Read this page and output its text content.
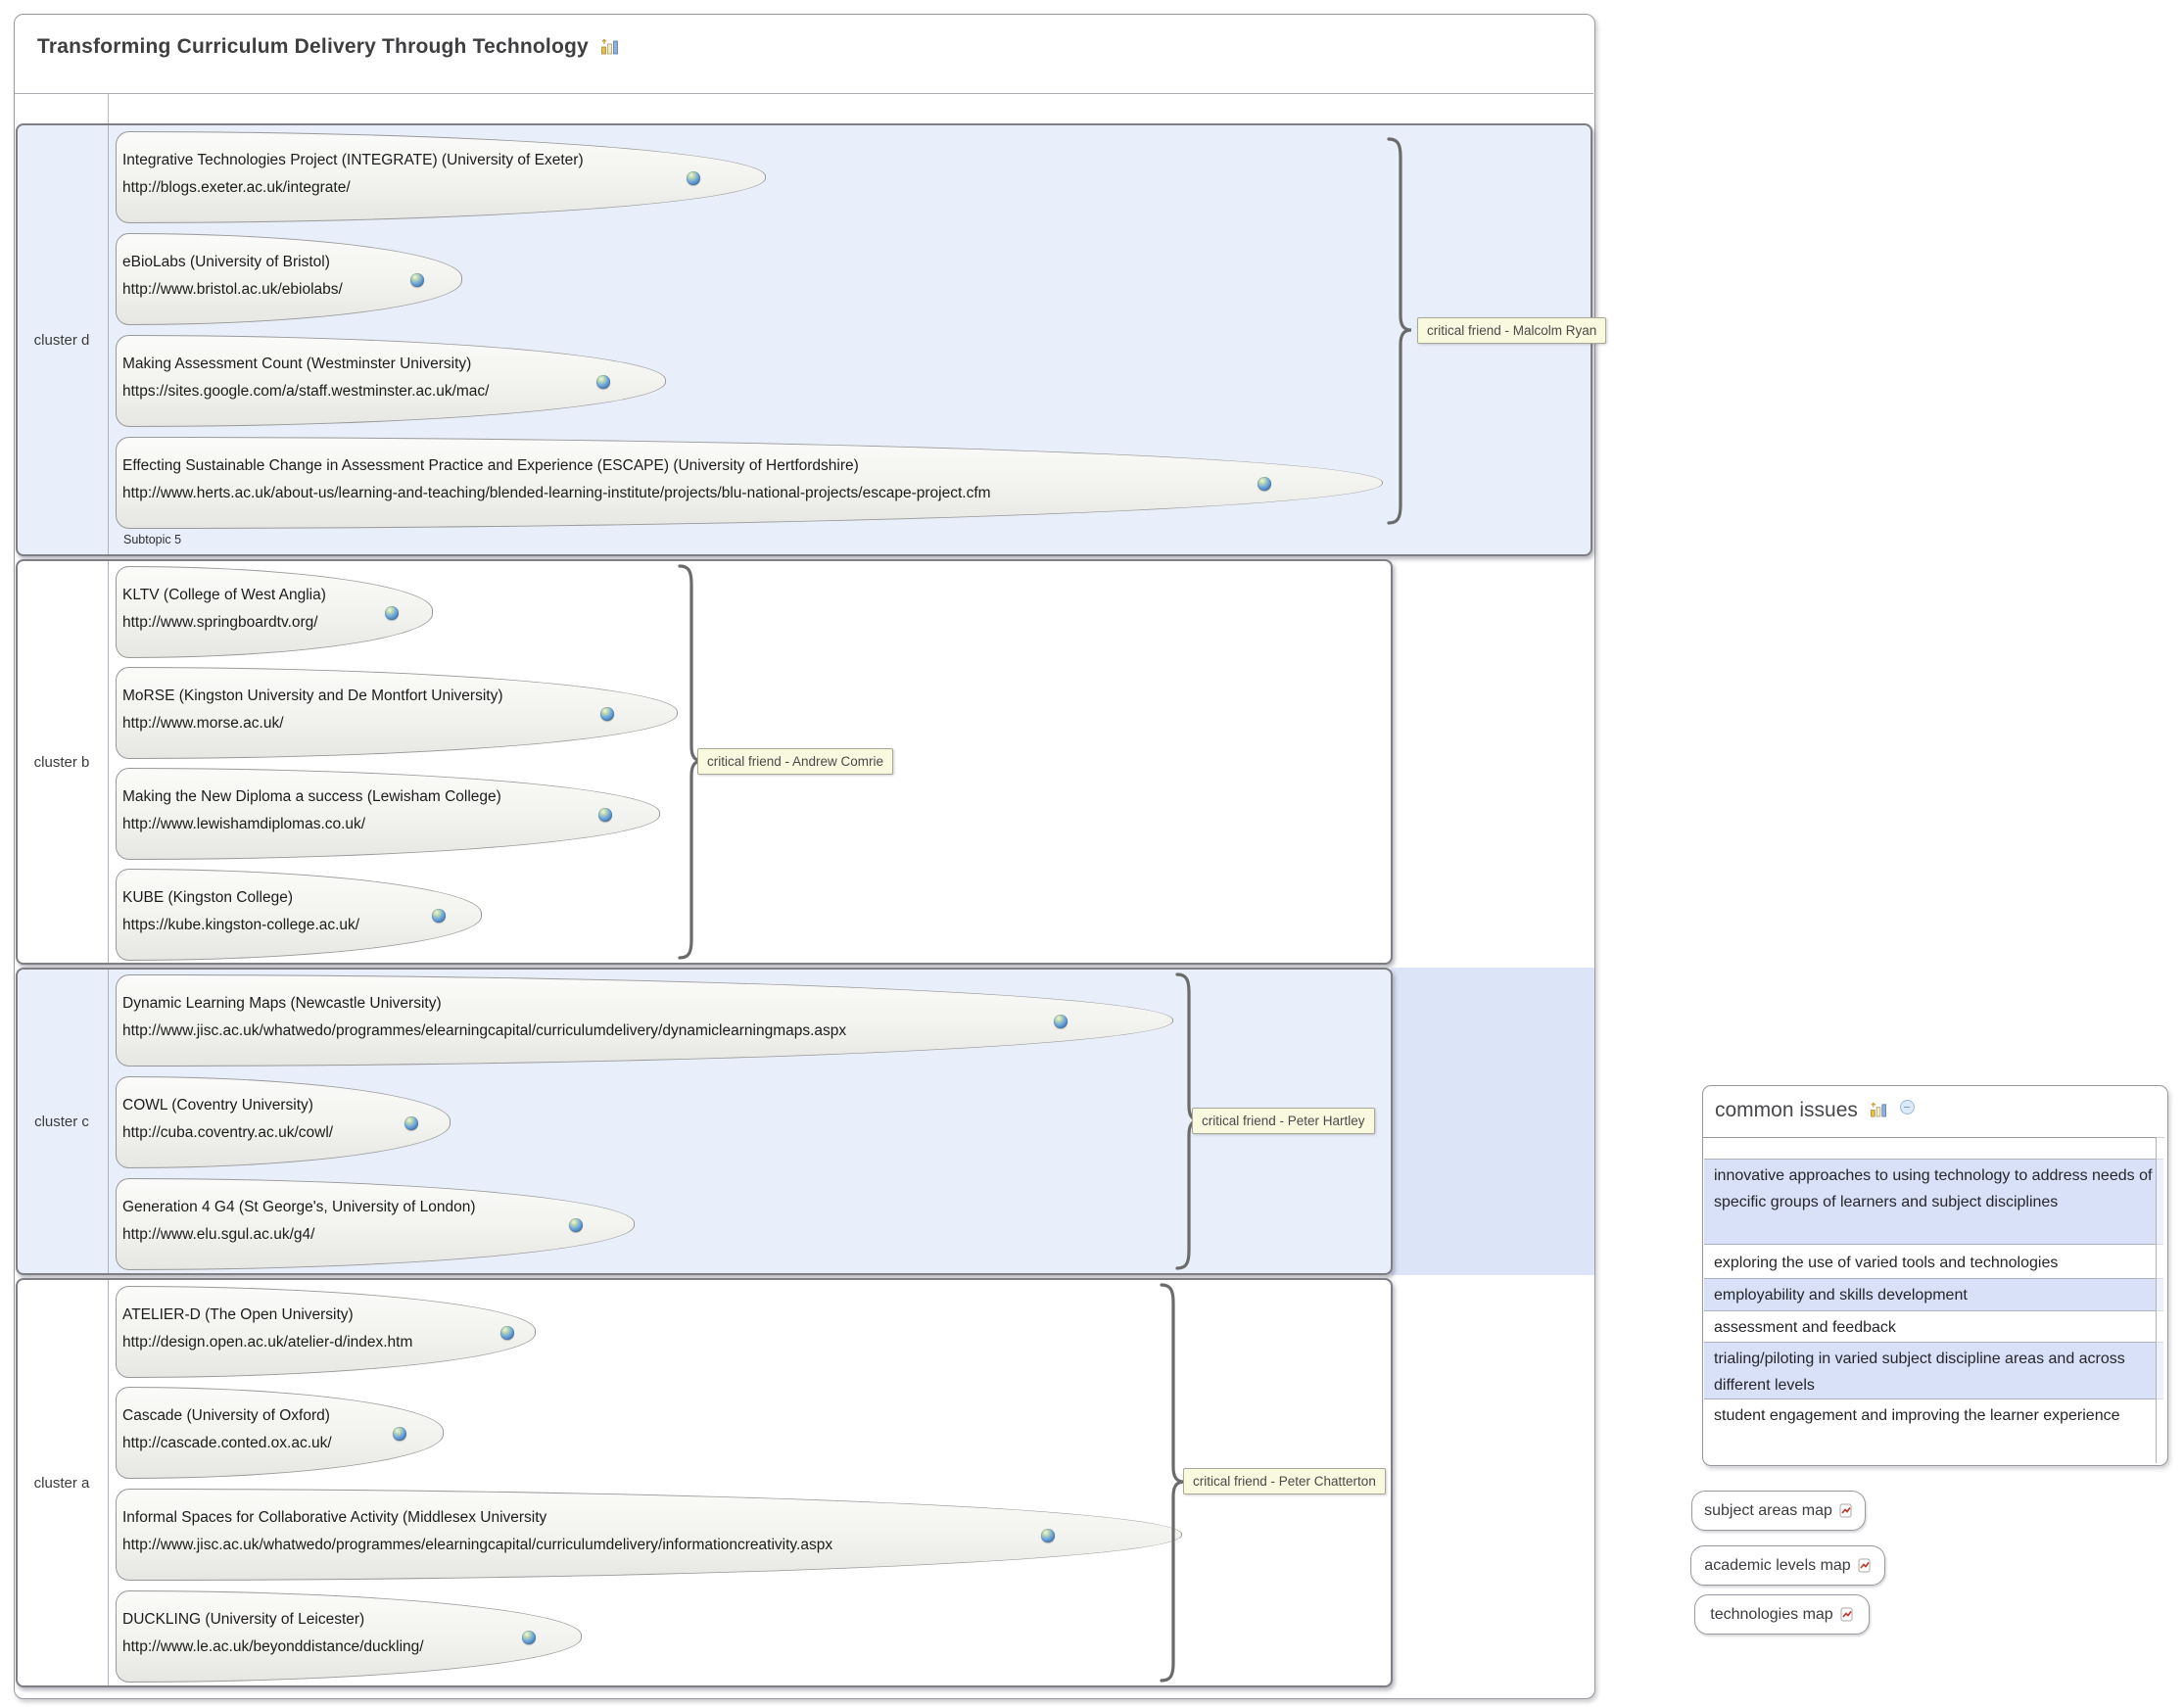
Transforming Curriculum Delivery Through Technology
cluster d
cluster b
cluster c
cluster a
Integrative Technologies Project (INTEGRATE) (University of Exeter)
http://blogs.exeter.ac.uk/integrate/
eBioLabs (University of Bristol)
http://www.bristol.ac.uk/ebiolabs/
Making Assessment Count (Westminster University)
https://sites.google.com/a/staff.westminster.ac.uk/mac/
Effecting Sustainable Change in Assessment Practice and Experience (ESCAPE) (University of Hertfordshire)
http://www.herts.ac.uk/about-us/learning-and-teaching/blended-learning-institute/projects/blu-national-projects/escape-project.cfm
Subtopic 5
KLTV (College of West Anglia)
http://www.springboardtv.org/
MoRSE (Kingston University and De Montfort University)
http://www.morse.ac.uk/
Making the New Diploma a success (Lewisham College)
http://www.lewishamdiplomas.co.uk/
KUBE (Kingston College)
https://kube.kingston-college.ac.uk/
Dynamic Learning Maps (Newcastle University)
http://www.jisc.ac.uk/whatwedo/programmes/elearningcapital/curriculumdelivery/dynamiclearningmaps.aspx
COWL (Coventry University)
http://cuba.coventry.ac.uk/cowl/
Generation 4 G4 (St George's, University of London)
http://www.elu.sgul.ac.uk/g4/
ATELIER-D (The Open University)
http://design.open.ac.uk/atelier-d/index.htm
Cascade (University of Oxford)
http://cascade.conted.ox.ac.uk/
Informal Spaces for Collaborative Activity (Middlesex University
http://www.jisc.ac.uk/whatwedo/programmes/elearningcapital/curriculumdelivery/informationcreativity.aspx
DUCKLING (University of Leicester)
http://www.le.ac.uk/beyonddistance/duckling/
critical friend - Malcolm Ryan
critical friend - Andrew Comrie
critical friend - Peter Hartley
critical friend - Peter Chatterton
common issues
innovative approaches to using technology to address needs of specific groups of learners and subject disciplines
exploring the use of varied tools and technologies
employability and skills development
assessment and feedback
trialing/piloting in varied subject discipline areas and across different levels
student engagement and improving the learner experience
subject areas map
academic levels map
technologies map
